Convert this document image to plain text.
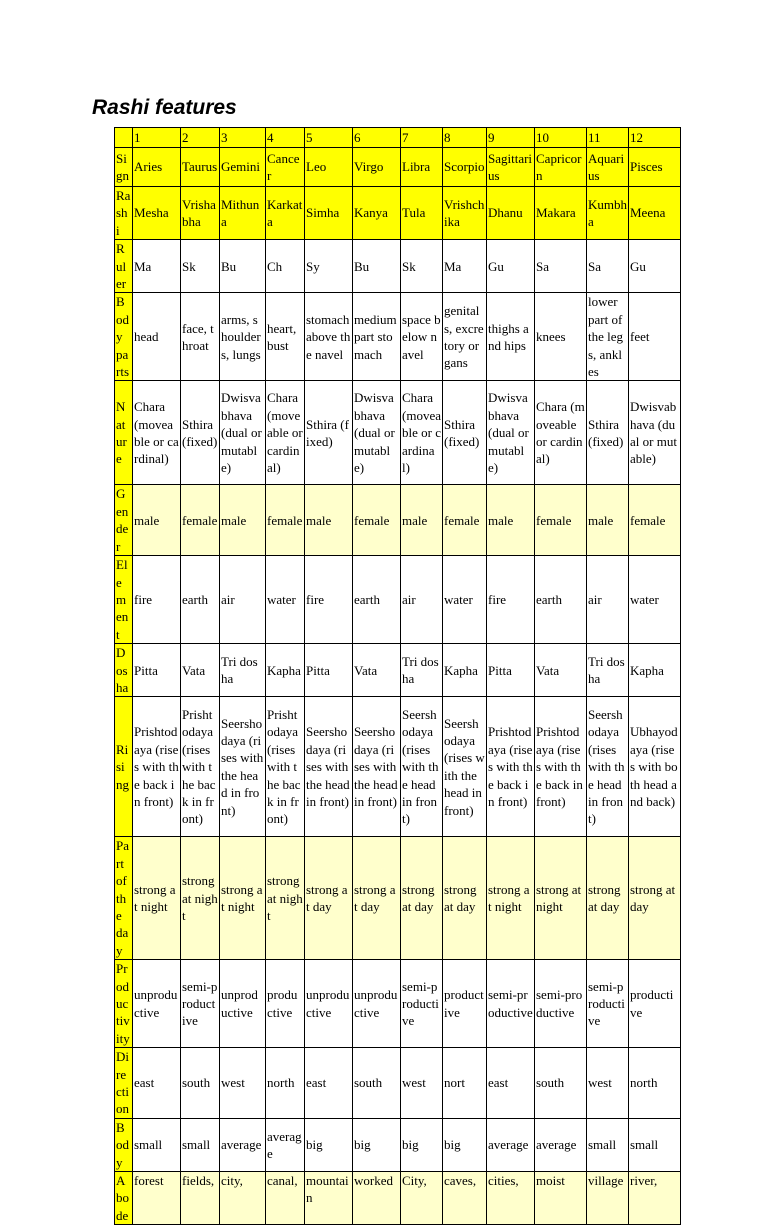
Rashi features
	1	2	3	4	5	6	7	8	9	10	11	12
Sign	Aries	Taurus	Gemini	Cancer	Leo	Virgo	Libra	Scorpio	Sagittarius	Capricorn	Aquarius	Pisces
Rashi	Mesha	Vrishabha	Mithuna	Karkata	Simha	Kanya	Tula	Vrishchika	Dhanu	Makara	Kumbha	Meena
Ruler	Ma	Sk	Bu	Ch	Sy	Bu	Sk	Ma	Gu	Sa	Sa	Gu
Body parts	head	face, throat	arms, shoulders, lungs	heart, bust	stomach above the navel	medium part stomach	space below navel	genitals, excretory organs	thighs and hips	knees	lower part of the legs, ankles	feet
Nature	Chara (moveable or cardinal)	Sthira (fixed)	Dwisvabhava (dual or mutable)	Chara (moveable or cardinal)	Sthira (fixed)	Dwisvabhava (dual or mutable)	Chara (moveable or cardinal)	Sthira (fixed)	Dwisvabhava (dual or mutable)	Chara (moveable or cardinal)	Sthira (fixed)	Dwisvabhava (dual or mutable)
Gender	male	female	male	female	male	female	male	female	male	female	male	female
Element	fire	earth	air	water	fire	earth	air	water	fire	earth	air	water
Dosha	Pitta	Vata	Tri dosha	Kapha	Pitta	Vata	Tri dosha	Kapha	Pitta	Vata	Tri dosha	Kapha
Rising	Prishtodaya (rises with the back in front)	Prishtodaya (rises with the back in front)	Seershodaya (rises with the head in front)	Prishtodaya (rises with the back in front)	Seershodaya (rises with the head in front)	Seershodaya (rises with the head in front)	Seershodaya (rises with the head in front)	Seershodaya (rises with the head in front)	Prishtodaya (rises with the back in front)	Prishtodaya (rises with the back in front)	Seershodaya (rises with the head in front)	Ubhayodaya (rises with both head and back)
Part of the day	strong at night	strong at night	strong at night	strong at night	strong at day	strong at day	strong at day	strong at day	strong at night	strong at night	strong at day	strong at day
Productivity	unproductive	semi-productive	unproductive	productive	unproductive	unproductive	semi-productive	productive	semi-productive	semi-productive	semi-productive	productive
Direction	east	south	west	north	east	south	west	nort	east	south	west	north
Body	small	small	average	average	big	big	big	big	average	average	small	small
Abode	forest	fields,	city,	canal,	mountain	worked	City,	caves,	cities,	moist	village	river,
